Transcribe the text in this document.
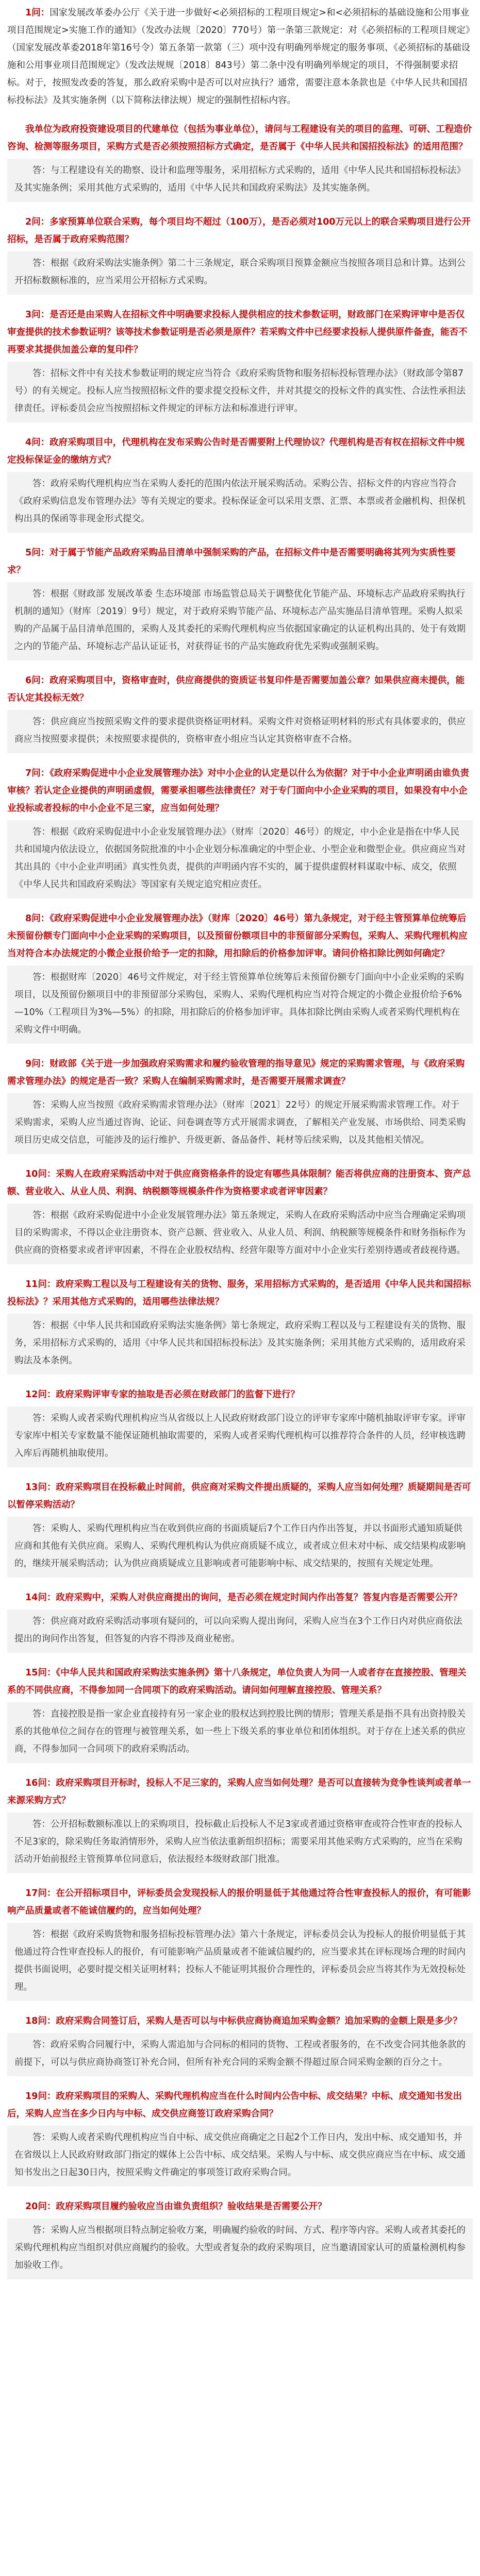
1问：国家发展改革委办公厅《关于进一步做好<必须招标的工程项目规定>和<必须招标的基础设施和公用事业项目范围规定>实施工作的通知》（发改办法规〔2020〕770号）第一条第三款规定：对《必须招标的工程项目规定》（国家发展改革委2018年第16号令）第五条第一款第（三）项中没有明确列举规定的服务事项、《必须招标的基础设施和公用事业项目范围规定》（发改法规规〔2018〕843号）第二条中没有明确列举规定的项目，不得强制要求招标。对于，按照发改委的答复，那么政府采购中是否可以对应执行？通常，需要注意本条款也是《中华人民共和国招标投标法》及其实施条例（以下简称法律法规）规定的强制性招标内容。
我单位为政府投资建设项目的代建单位（包括为事业单位），请问与工程建设有关的项目的监理、可研、工程造价咨询、检测等服务项目，采购方式是否必须按照招标方式确定，是否属于《中华人民共和国招投标法》的适用范围？
答：与工程建设有关的勘察、设计和监理等服务，采用招标方式采购的，适用《中华人民共和国招标投标法》及其实施条例；采用其他方式采购的，适用《中华人民共和国政府采购法》及其实施条例。
2问：多家预算单位联合采购，每个项目均不超过（100万），是否必须对100万元以上的联合采购项目进行公开招标，是否属于政府采购范围？
答：根据《政府采购法实施条例》第二十三条规定，联合采购项目预算金额应当按照各项目总和计算。达到公开招标数额标准的，应当采用公开招标方式采购。
3问：是否还是由采购人在招标文件中明确要求投标人提供相应的技术参数证明，财政部门在采购评审中是否仅审查提供的技术参数证明？该等技术参数证明是否必须是原件？若采购文件中已经要求投标人提供原件备查，能否不再要求其提供加盖公章的复印件？
答：招标文件中有关技术参数证明的规定应当符合《政府采购货物和服务招标投标管理办法》（财政部令第87号）的有关规定。投标人应当按照招标文件的要求提交投标文件，并对其提交的投标文件的真实性、合法性承担法律责任。评标委员会应当按照招标文件规定的评标方法和标准进行评审。
4问：政府采购项目中，代理机构在发布采购公告时是否需要附上代理协议？代理机构是否有权在招标文件中规定投标保证金的缴纳方式？
答：政府采购代理机构应当在采购人委托的范围内依法开展采购活动。采购公告、招标文件的内容应当符合《政府采购信息发布管理办法》等有关规定的要求。投标保证金可以采用支票、汇票、本票或者金融机构、担保机构出具的保函等非现金形式提交。
5问：对于属于节能产品政府采购品目清单中强制采购的产品，在招标文件中是否需要明确将其列为实质性要求？
答：根据《财政部 发展改革委 生态环境部 市场监管总局关于调整优化节能产品、环境标志产品政府采购执行机制的通知》（财库〔2019〕9号）规定，对于政府采购节能产品、环境标志产品实施品目清单管理。采购人拟采购的产品属于品目清单范围的，采购人及其委托的采购代理机构应当依据国家确定的认证机构出具的、处于有效期之内的节能产品、环境标志产品认证证书，对获得证书的产品实施政府优先采购或强制采购。
6问：政府采购项目中，资格审查时，供应商提供的资质证书复印件是否需要加盖公章？如果供应商未提供，能否认定其投标无效？
答：供应商应当按照采购文件的要求提供资格证明材料。采购文件对资格证明材料的形式有具体要求的，供应商应当按照要求提供；未按照要求提供的，资格审查小组应当认定其资格审查不合格。
7问：《政府采购促进中小企业发展管理办法》对中小企业的认定是以什么为依据？对于中小企业声明函由谁负责审核？若认定企业提供的声明函虚假，需要承担哪些法律责任？对于专门面向中小企业采购的项目，如果没有中小企业投标或者投标的中小企业不足三家，应当如何处理？
答：根据《政府采购促进中小企业发展管理办法》（财库〔2020〕46号）的规定，中小企业是指在中华人民共和国境内依法设立，依据国务院批准的中小企业划分标准确定的中型企业、小型企业和微型企业。供应商应当对其出具的《中小企业声明函》真实性负责，提供的声明函内容不实的，属于提供虚假材料谋取中标、成交，依照《中华人民共和国政府采购法》等国家有关规定追究相应责任。
8问：《政府采购促进中小企业发展管理办法》（财库〔2020〕46号）第九条规定，对于经主管预算单位统筹后未预留份额专门面向中小企业采购的采购项目，以及预留份额项目中的非预留部分采购包，采购人、采购代理机构应当对符合本办法规定的小微企业报价给予一定的扣除，用扣除后的价格参加评审。请问价格扣除比例如何确定？
答：根据财库〔2020〕46号文件规定，对于经主管预算单位统筹后未预留份额专门面向中小企业采购的采购项目，以及预留份额项目中的非预留部分采购包，采购人、采购代理机构应当对符合规定的小微企业报价给予6%—10%（工程项目为3%—5%）的扣除，用扣除后的价格参加评审。具体扣除比例由采购人或者采购代理机构在采购文件中明确。
9问：财政部《关于进一步加强政府采购需求和履约验收管理的指导意见》规定的采购需求管理，与《政府采购需求管理办法》的规定是否一致？采购人在编制采购需求时，是否需要开展需求调查？
答：采购人应当按照《政府采购需求管理办法》（财库〔2021〕22号）的规定开展采购需求管理工作。对于采购需求，采购人应当通过咨询、论证、问卷调查等方式开展需求调查，了解相关产业发展、市场供给、同类采购项目历史成交信息，可能涉及的运行维护、升级更新、备品备件、耗材等后续采购，以及其他相关情况。
10问：采购人在政府采购活动中对于供应商资格条件的设定有哪些具体限制？能否将供应商的注册资本、资产总额、营业收入、从业人员、利润、纳税额等规模条件作为资格要求或者评审因素？
答：根据《政府采购促进中小企业发展管理办法》第五条规定，采购人在政府采购活动中应当合理确定采购项目的采购需求，不得以企业注册资本、资产总额、营业收入、从业人员、利润、纳税额等规模条件和财务指标作为供应商的资格要求或者评审因素，不得在企业股权结构、经营年限等方面对中小企业实行差别待遇或者歧视待遇。
11问：政府采购工程以及与工程建设有关的货物、服务，采用招标方式采购的，是否适用《中华人民共和国招标投标法》？采用其他方式采购的，适用哪些法律法规？
答：根据《中华人民共和国政府采购法实施条例》第七条规定，政府采购工程以及与工程建设有关的货物、服务，采用招标方式采购的，适用《中华人民共和国招标投标法》及其实施条例；采用其他方式采购的，适用政府采购法及本条例。
12问：政府采购评审专家的抽取是否必须在财政部门的监督下进行？
答：采购人或者采购代理机构应当从省级以上人民政府财政部门设立的评审专家库中随机抽取评审专家。评审专家库中相关专家数量不能保证随机抽取需要的，采购人或者采购代理机构可以推荐符合条件的人员，经审核选聘入库后再随机抽取使用。
13问：政府采购项目在投标截止时间前，供应商对采购文件提出质疑的，采购人应当如何处理？质疑期间是否可以暂停采购活动？
答：采购人、采购代理机构应当在收到供应商的书面质疑后7个工作日内作出答复，并以书面形式通知质疑供应商和其他有关供应商。采购人、采购代理机构认为供应商质疑不成立，或者成立但未对中标、成交结果构成影响的，继续开展采购活动；认为供应商质疑成立且影响或者可能影响中标、成交结果的，按照有关规定处理。
14问：政府采购中，采购人对供应商提出的询问，是否必须在规定时间内作出答复？答复内容是否需要公开？
答：供应商对政府采购活动事项有疑问的，可以向采购人提出询问，采购人应当在3个工作日内对供应商依法提出的询问作出答复，但答复的内容不得涉及商业秘密。
15问：《中华人民共和国政府采购法实施条例》第十八条规定，单位负责人为同一人或者存在直接控股、管理关系的不同供应商，不得参加同一合同项下的政府采购活动。请问如何理解直接控股、管理关系？
答：直接控股是指一家企业直接持有另一家企业的股权达到控股比例的情形；管理关系是指不具有出资持股关系的其他单位之间存在的管理与被管理关系，如一些上下级关系的事业单位和团体组织。对于存在上述关系的供应商，不得参加同一合同项下的政府采购活动。
16问：政府采购项目开标时，投标人不足三家的，采购人应当如何处理？是否可以直接转为竞争性谈判或者单一来源采购方式？
答：公开招标数额标准以上的采购项目，投标截止后投标人不足3家或者通过资格审查或符合性审查的投标人不足3家的，除采购任务取消情形外，采购人应当依法重新组织招标；需要采用其他采购方式采购的，应当在采购活动开始前报经主管预算单位同意后，依法报经本级财政部门批准。
17问：在公开招标项目中，评标委员会发现投标人的报价明显低于其他通过符合性审查投标人的报价，有可能影响产品质量或者不能诚信履约的，应当如何处理？
答：根据《政府采购货物和服务招标投标管理办法》第六十条规定，评标委员会认为投标人的报价明显低于其他通过符合性审查投标人的报价，有可能影响产品质量或者不能诚信履约的，应当要求其在评标现场合理的时间内提供书面说明，必要时提交相关证明材料；投标人不能证明其报价合理性的，评标委员会应当将其作为无效投标处理。
18问：政府采购合同签订后，采购人是否可以与中标供应商协商追加采购金额？追加采购的金额上限是多少？
答：政府采购合同履行中，采购人需追加与合同标的相同的货物、工程或者服务的，在不改变合同其他条款的前提下，可以与供应商协商签订补充合同，但所有补充合同的采购金额不得超过原合同采购金额的百分之十。
19问：政府采购项目的采购人、采购代理机构应当在什么时间内公告中标、成交结果？中标、成交通知书发出后，采购人应当在多少日内与中标、成交供应商签订政府采购合同？
答：采购人或者采购代理机构应当自中标、成交供应商确定之日起2个工作日内，发出中标、成交通知书，并在省级以上人民政府财政部门指定的媒体上公告中标、成交结果。采购人与中标、成交供应商应当在中标、成交通知书发出之日起30日内，按照采购文件确定的事项签订政府采购合同。
20问：政府采购项目履约验收应当由谁负责组织？验收结果是否需要公开？
答：采购人应当根据项目特点制定验收方案，明确履约验收的时间、方式、程序等内容。采购人或者其委托的采购代理机构应当组织对供应商履约的验收。大型或者复杂的政府采购项目，应当邀请国家认可的质量检测机构参加验收工作。
